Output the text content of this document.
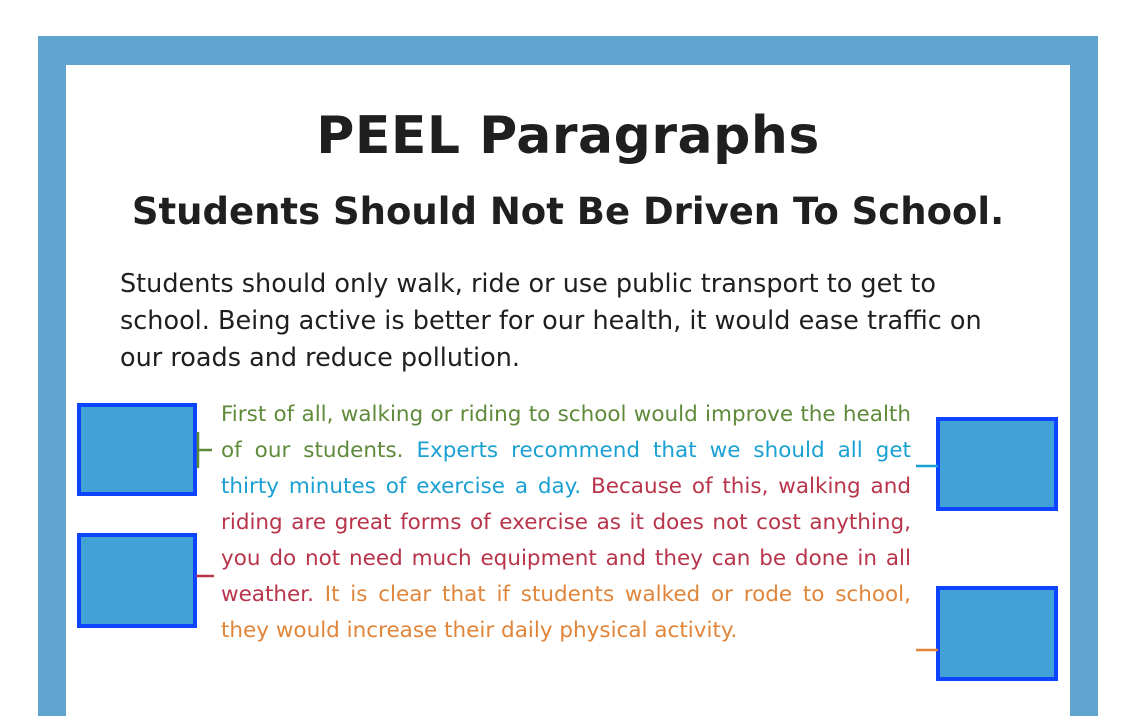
PEEL Paragraphs
Students Should Not Be Driven To School.
Students should only walk, ride or use public transport to get to school. Being active is better for our health, it would ease traffic on our roads and reduce pollution.
First of all, walking or riding to school would improve the health of our students. Experts recommend that we should all get thirty minutes of exercise a day. Because of this, walking and riding are great forms of exercise as it does not cost anything, you do not need much equipment and they can be done in all weather. It is clear that if students walked or rode to school, they would increase their daily physical activity.
